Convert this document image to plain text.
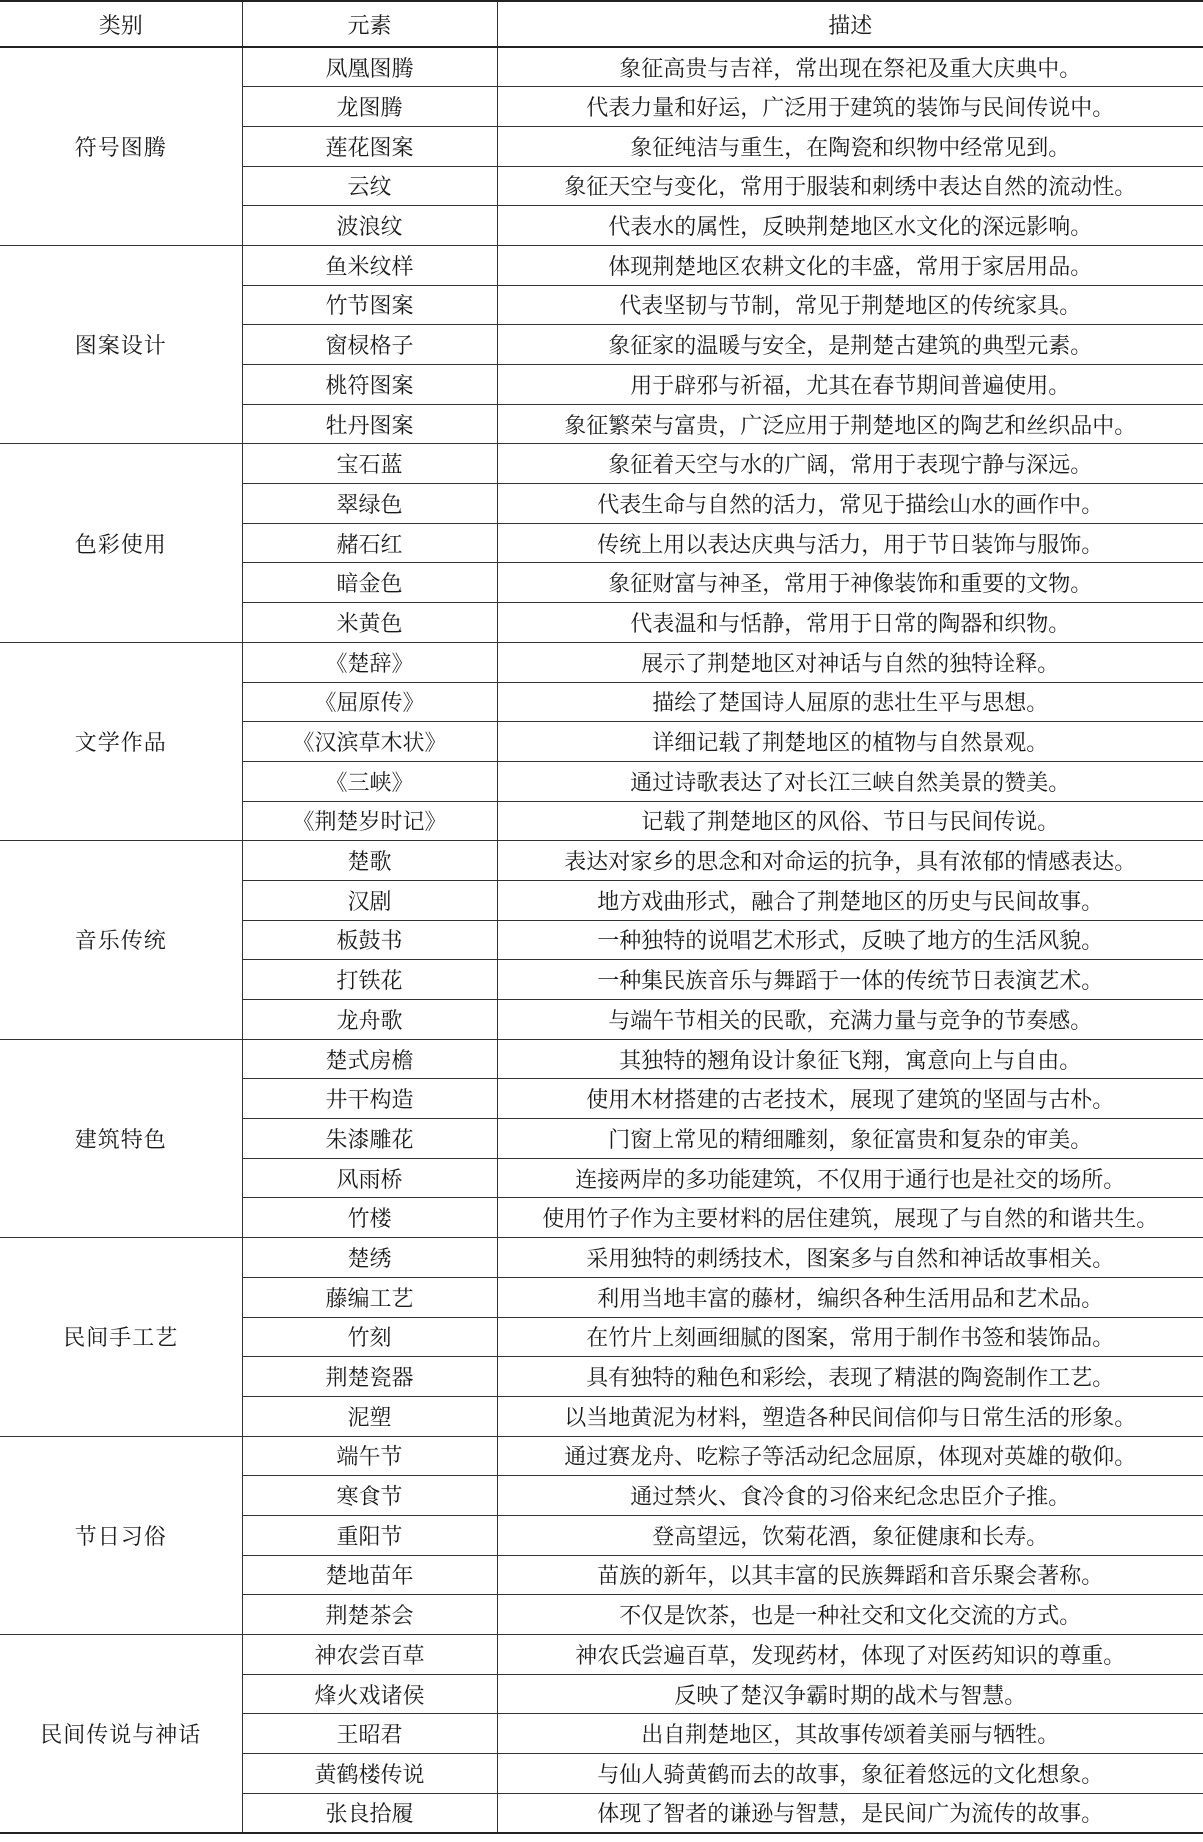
类别	元素	描述
符号图腾	凤凰图腾	象征高贵与吉祥，常出现在祭祀及重大庆典中。
	龙图腾	代表力量和好运，广泛用于建筑的装饰与民间传说中。
	莲花图案	象征纯洁与重生，在陶瓷和织物中经常见到。
	云纹	象征天空与变化，常用于服装和刺绣中表达自然的流动性。
	波浪纹	代表水的属性，反映荆楚地区水文化的深远影响。
图案设计	鱼米纹样	体现荆楚地区农耕文化的丰盛，常用于家居用品。
	竹节图案	代表坚韧与节制，常见于荆楚地区的传统家具。
	窗棂格子	象征家的温暖与安全，是荆楚古建筑的典型元素。
	桃符图案	用于辟邪与祈福，尤其在春节期间普遍使用。
	牡丹图案	象征繁荣与富贵，广泛应用于荆楚地区的陶艺和丝织品中。
色彩使用	宝石蓝	象征着天空与水的广阔，常用于表现宁静与深远。
	翠绿色	代表生命与自然的活力，常见于描绘山水的画作中。
	赭石红	传统上用以表达庆典与活力，用于节日装饰与服饰。
	暗金色	象征财富与神圣，常用于神像装饰和重要的文物。
	米黄色	代表温和与恬静，常用于日常的陶器和织物。
文学作品	《楚辞》	展示了荆楚地区对神话与自然的独特诠释。
	《屈原传》	描绘了楚国诗人屈原的悲壮生平与思想。
	《汉滨草木状》	详细记载了荆楚地区的植物与自然景观。
	《三峡》	通过诗歌表达了对长江三峡自然美景的赞美。
	《荆楚岁时记》	记载了荆楚地区的风俗、节日与民间传说。
音乐传统	楚歌	表达对家乡的思念和对命运的抗争，具有浓郁的情感表达。
	汉剧	地方戏曲形式，融合了荆楚地区的历史与民间故事。
	板鼓书	一种独特的说唱艺术形式，反映了地方的生活风貌。
	打铁花	一种集民族音乐与舞蹈于一体的传统节日表演艺术。
	龙舟歌	与端午节相关的民歌，充满力量与竞争的节奏感。
建筑特色	楚式房檐	其独特的翘角设计象征飞翔，寓意向上与自由。
	井干构造	使用木材搭建的古老技术，展现了建筑的坚固与古朴。
	朱漆雕花	门窗上常见的精细雕刻，象征富贵和复杂的审美。
	风雨桥	连接两岸的多功能建筑，不仅用于通行也是社交的场所。
	竹楼	使用竹子作为主要材料的居住建筑，展现了与自然的和谐共生。
民间手工艺	楚绣	采用独特的刺绣技术，图案多与自然和神话故事相关。
	藤编工艺	利用当地丰富的藤材，编织各种生活用品和艺术品。
	竹刻	在竹片上刻画细腻的图案，常用于制作书签和装饰品。
	荆楚瓷器	具有独特的釉色和彩绘，表现了精湛的陶瓷制作工艺。
	泥塑	以当地黄泥为材料，塑造各种民间信仰与日常生活的形象。
节日习俗	端午节	通过赛龙舟、吃粽子等活动纪念屈原，体现对英雄的敬仰。
	寒食节	通过禁火、食冷食的习俗来纪念忠臣介子推。
	重阳节	登高望远，饮菊花酒，象征健康和长寿。
	楚地苗年	苗族的新年，以其丰富的民族舞蹈和音乐聚会著称。
	荆楚茶会	不仅是饮茶，也是一种社交和文化交流的方式。
民间传说与神话	神农尝百草	神农氏尝遍百草，发现药材，体现了对医药知识的尊重。
	烽火戏诸侯	反映了楚汉争霸时期的战术与智慧。
	王昭君	出自荆楚地区，其故事传颂着美丽与牺牲。
	黄鹤楼传说	与仙人骑黄鹤而去的故事，象征着悠远的文化想象。
	张良拾履	体现了智者的谦逊与智慧，是民间广为流传的故事。
